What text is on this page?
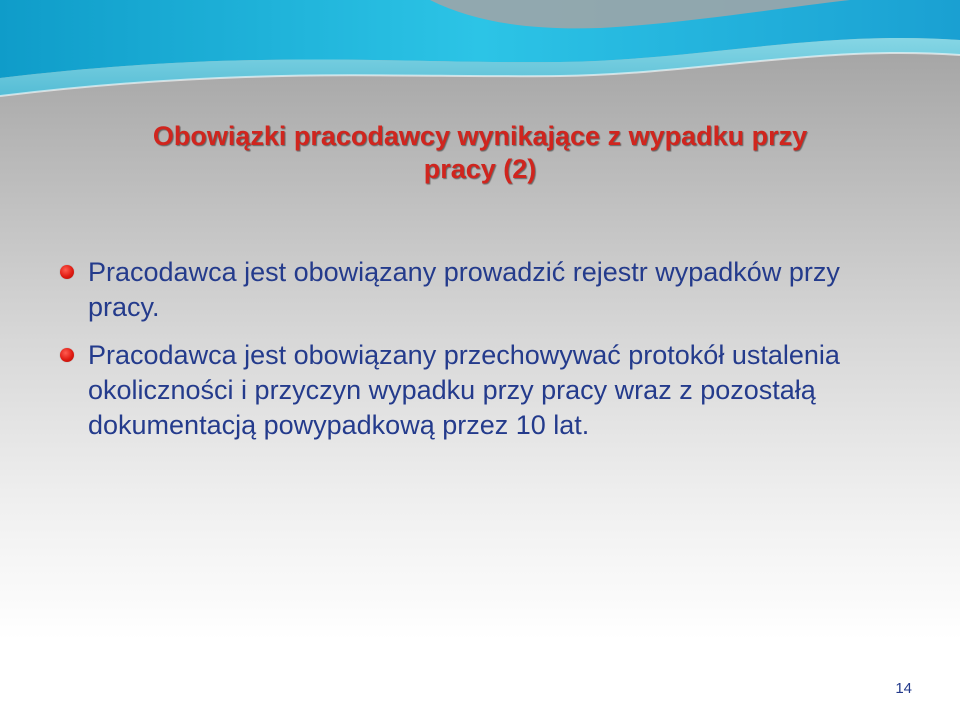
Obowiązki pracodawcy wynikające z wypadku przy
pracy (2)
Pracodawca jest obowiązany prowadzić rejestr wypadków przy pracy.
Pracodawca jest obowiązany przechowywać protokół ustalenia okoliczności i przyczyn wypadku przy pracy wraz z pozostałą dokumentacją powypadkową przez 10 lat.
14
